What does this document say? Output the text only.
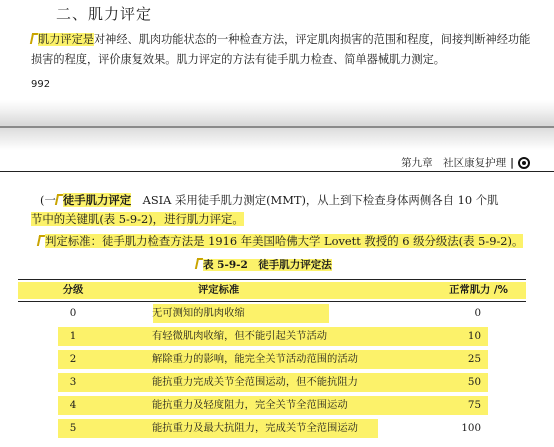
二、肌力评定
肌力评定是对神经、肌肉功能状态的一种检查方法，评定肌肉损害的范围和程度，间接判断神经功能损害的程度，评价康复效果。肌力评定的方法有徒手肌力检查、简单器械肌力测定。
992
第九章　社区康复护理 |
(一 徒手肌力评定　ASIA 采用徒手肌力测定(MMT)，从上到下检查身体两侧各自 10 个肌
节中的关键肌(表 5-9-2)，进行肌力评定。
判定标准：徒手肌力检查方法是 1916 年美国哈佛大学 Lovett 教授的 6 级分级法(表 5-9-2)。
表 5-9-2　徒手肌力评定法
分级	评定标准	正常肌力 /%
0	无可测知的肌肉收缩	0
1	有轻微肌肉收缩，但不能引起关节活动	10
2	解除重力的影响，能完全关节活动范围的活动	25
3	能抗重力完成关节全范围运动，但不能抗阻力	50
4	能抗重力及轻度阻力，完全关节全范围运动	75
5	能抗重力及最大抗阻力，完成关节全范围运动	100
